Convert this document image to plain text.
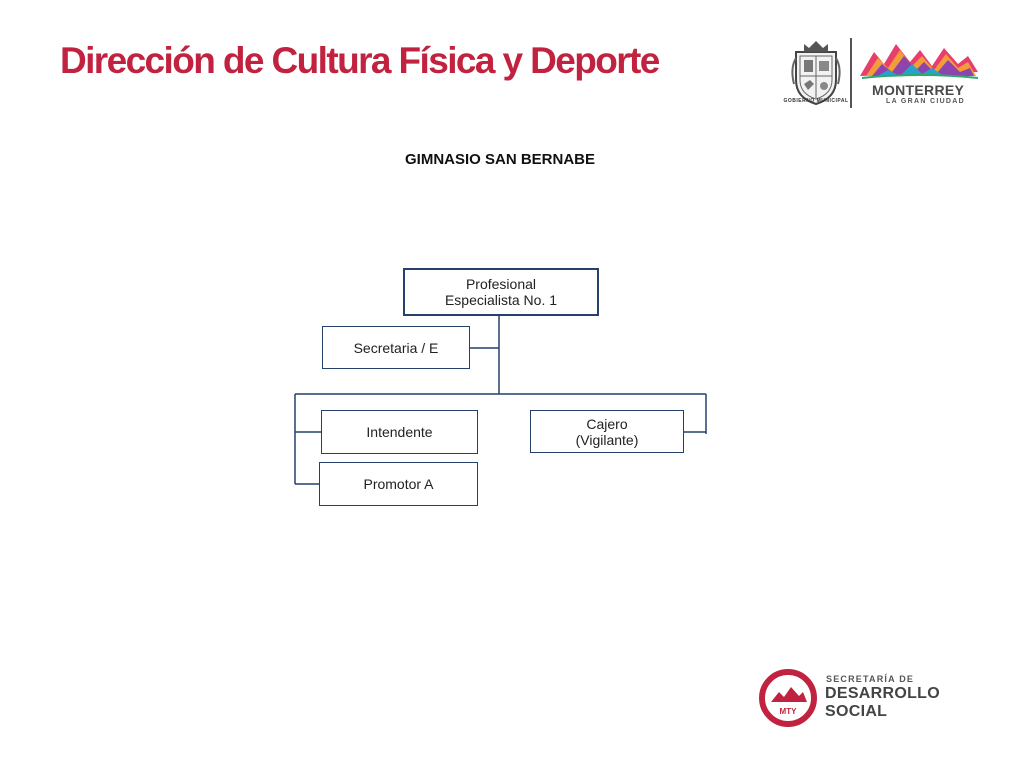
Dirección de Cultura Física y Deporte
GOBIERNO MUNICIPAL
MONTERREY
LA GRAN CIUDAD
GIMNASIO SAN BERNABE
Profesional
Especialista No. 1
Secretaria / E
Intendente
Promotor A
Cajero
(Vigilante)
MTY
SECRETARÍA DE
DESARROLLO
SOCIAL
